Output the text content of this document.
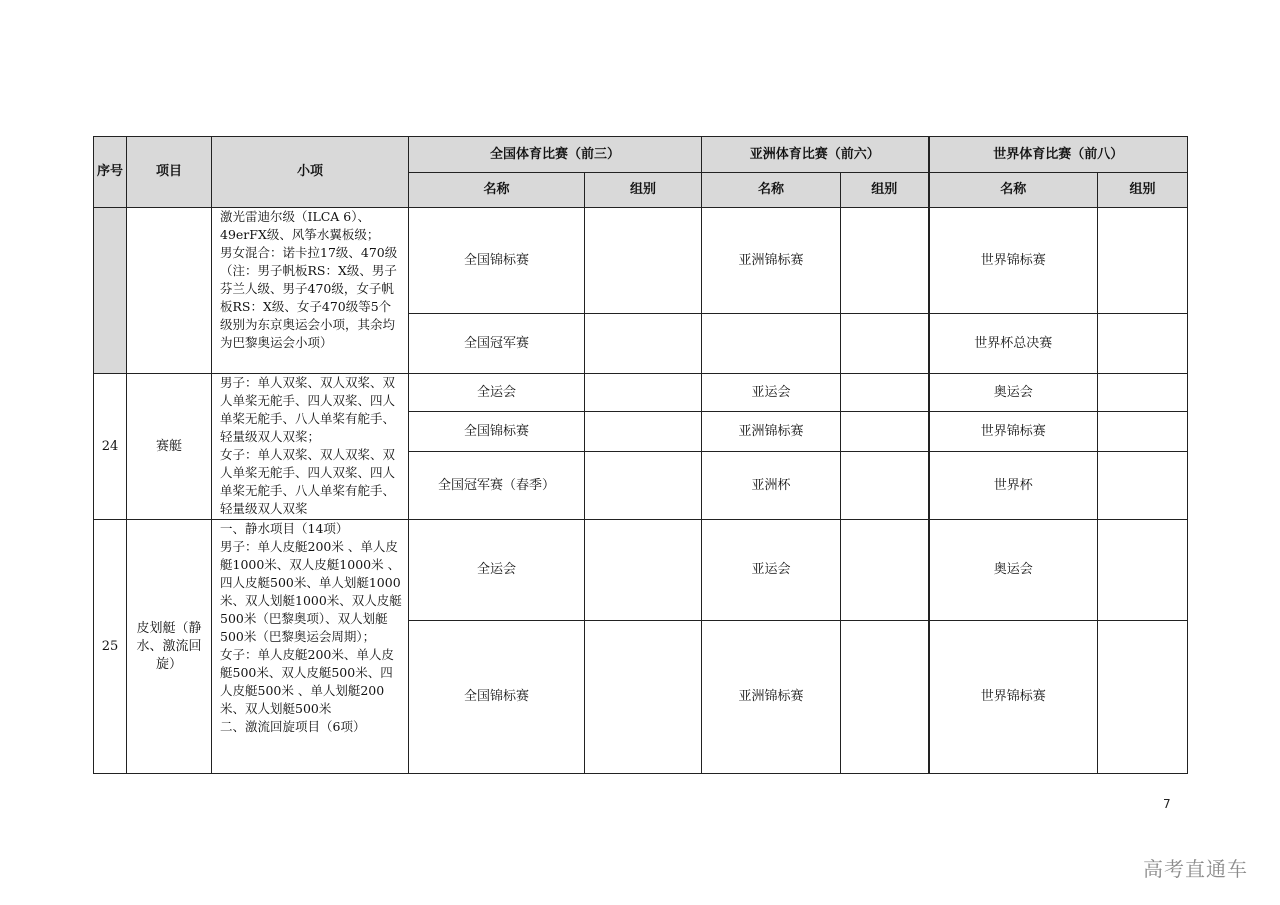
序号	项目	小项	全国体育比赛（前三）		亚洲体育比赛（前六）		世界体育比赛（前八）	
			名称	组别	名称	组别	名称	组别
		激光雷迪尔级（ILCA 6）、
49erFX级、风筝水翼板级；
男女混合：诺卡拉17级、470级
（注：男子帆板RS：X级、男子芬兰人级、男子470级，女子帆板RS：X级、女子470级等5个级别为东京奥运会小项，其余均为巴黎奥运会小项）	全国锦标赛		亚洲锦标赛		世界锦标赛	
			全国冠军赛				世界杯总决赛	
24	赛艇	男子：单人双桨、双人双桨、双人单桨无舵手、四人双桨、四人单桨无舵手、八人单桨有舵手、轻量级双人双桨；
女子：单人双桨、双人双桨、双人单桨无舵手、四人双桨、四人单桨无舵手、八人单桨有舵手、轻量级双人双桨	全运会		亚运会		奥运会	
			全国锦标赛		亚洲锦标赛		世界锦标赛	
			全国冠军赛（春季）		亚洲杯		世界杯	
25	皮划艇（静水、激流回旋）	一、静水项目（14项）
男子：单人皮艇200米 、单人皮艇1000米、双人皮艇1000米 、四人皮艇500米、单人划艇1000米、双人划艇1000米、双人皮艇500米（巴黎奥项）、双人划艇500米（巴黎奥运会周期）；
女子：单人皮艇200米、单人皮艇500米、双人皮艇500米、四人皮艇500米 、单人划艇200米、双人划艇500米
二、激流回旋项目（6项）	全运会		亚运会		奥运会	
			全国锦标赛		亚洲锦标赛		世界锦标赛	
7
高考直通车
